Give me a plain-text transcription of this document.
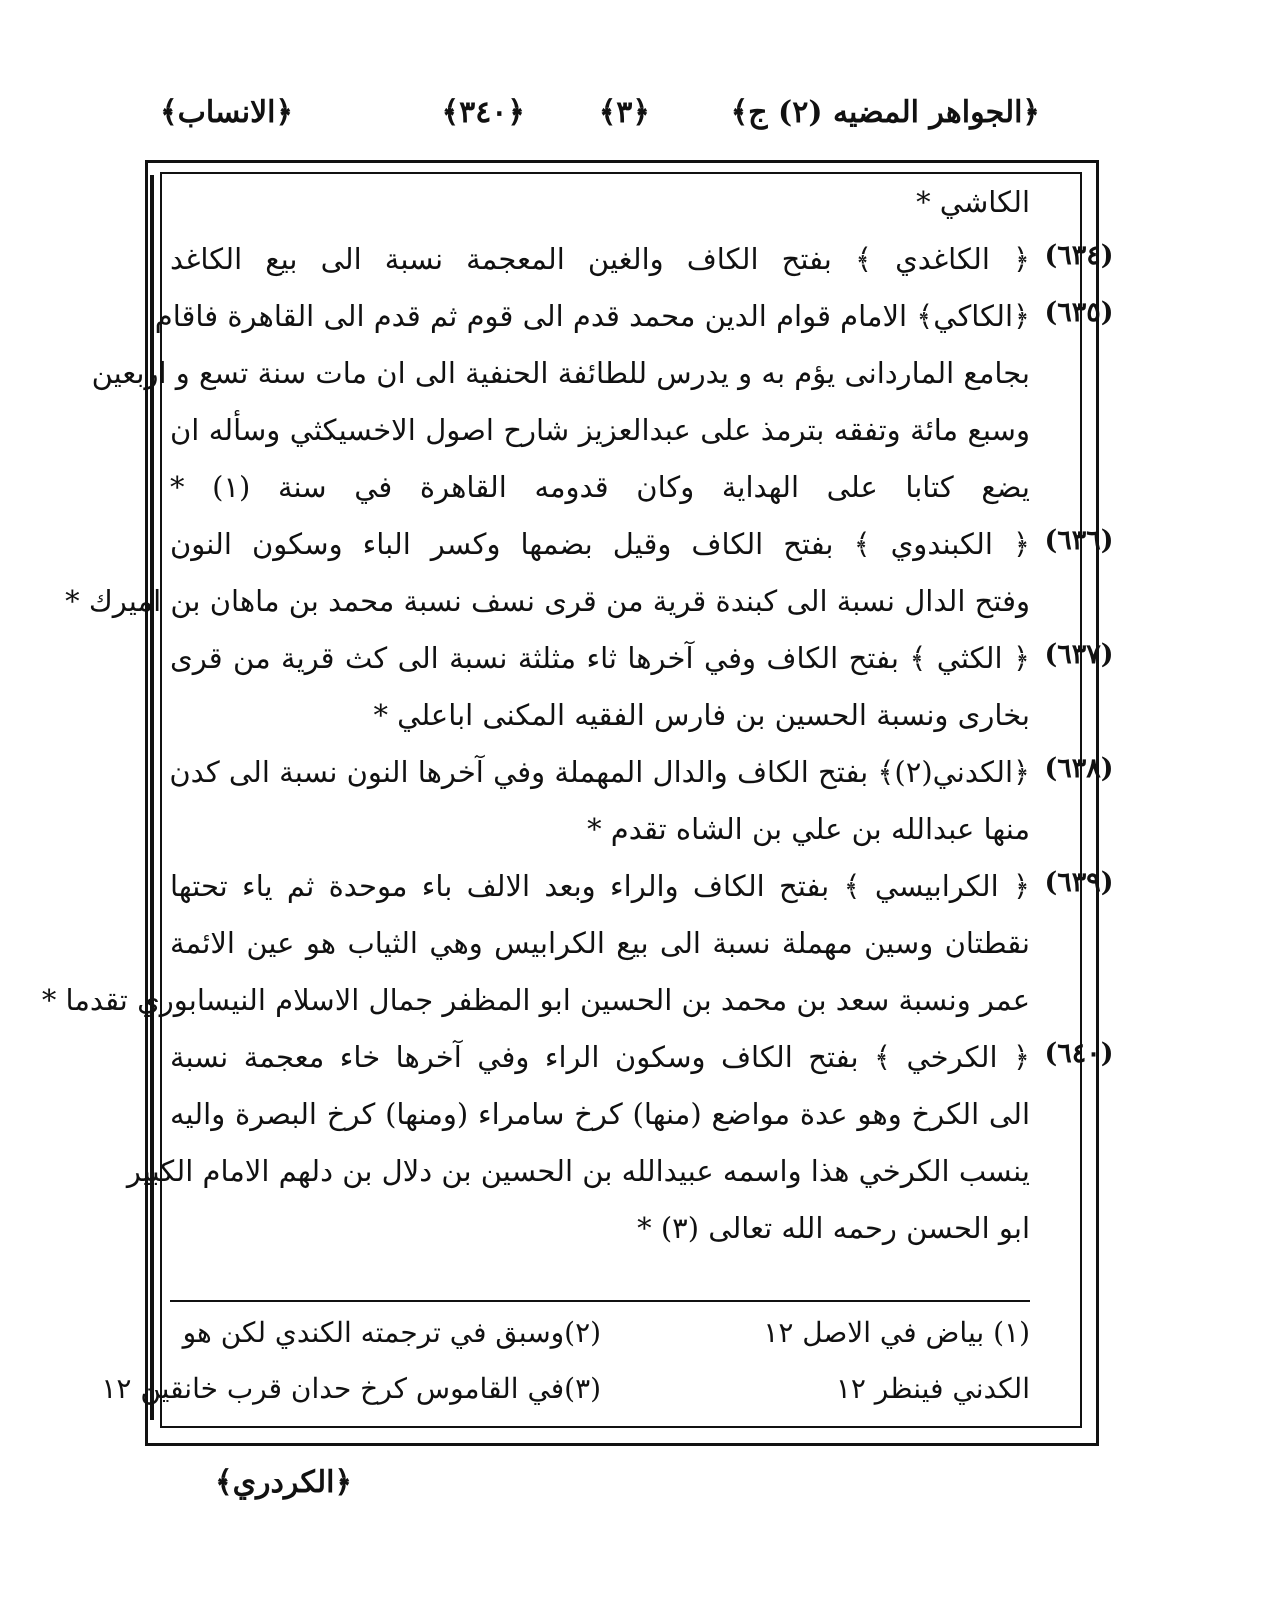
﴿الجواهر المضيه (٢) ج﴾
﴿٣﴾
﴿٣٤٠﴾
﴿الانساب﴾
الكاشي *
﴿ الكاغدي ﴾ بفتح الكاف والغين المعجمة نسبة الى بيع الكاغد
﴿الكاكي﴾ الامام قوام الدين محمد قدم الى قوم ثم قدم الى القاهرة فاقام
بجامع الماردانى يؤم به و يدرس للطائفة الحنفية الى ان مات سنة تسع و اربعين
وسبع مائة وتفقه بترمذ على عبدالعزيز شارح اصول الاخسيكثي وسأله ان
يضع كتابا على الهداية وكان قدومه القاهرة في سنة (١) *
﴿ الكبندوي ﴾ بفتح الكاف وقيل بضمها وكسر الباء وسكون النون
وفتح الدال نسبة الى كبندة قرية من قرى نسف نسبة محمد بن ماهان بن اميرك *
﴿ الكثي ﴾ بفتح الكاف وفي آخرها ثاء مثلثة نسبة الى كث قرية من قرى
بخارى ونسبة الحسين بن فارس الفقيه المكنى اباعلي *
﴿الكدني(٢)﴾ بفتح الكاف والدال المهملة وفي آخرها النون نسبة الى كدن
منها عبدالله بن علي بن الشاه تقدم *
﴿ الكرابيسي ﴾ بفتح الكاف والراء وبعد الالف باء موحدة ثم ياء تحتها
نقطتان وسين مهملة نسبة الى بيع الكرابيس وهي الثياب هو عين الائمة
عمر ونسبة سعد بن محمد بن الحسين ابو المظفر جمال الاسلام النيسابوري تقدما *
﴿ الكرخي ﴾ بفتح الكاف وسكون الراء وفي آخرها خاء معجمة نسبة
الى الكرخ وهو عدة مواضع (منها) كرخ سامراء (ومنها) كرخ البصرة واليه
ينسب الكرخي هذا واسمه عبيدالله بن الحسين بن دلال بن دلهم الامام الكبير
ابو الحسن رحمه الله تعالى (٣) *
(٦٣٤)
(٦٣٥)
(٦٣٦)
(٦٣٧)
(٦٣٨)
(٦٣٩)
(٦٤٠)
(١) بياض في الاصل ١٢ (٢)وسبق في ترجمته الكندي لكن هو
الكدني فينظر ١٢ (٣)في القاموس كرخ حدان قرب خانقين ١٢
﴿الكردري﴾
